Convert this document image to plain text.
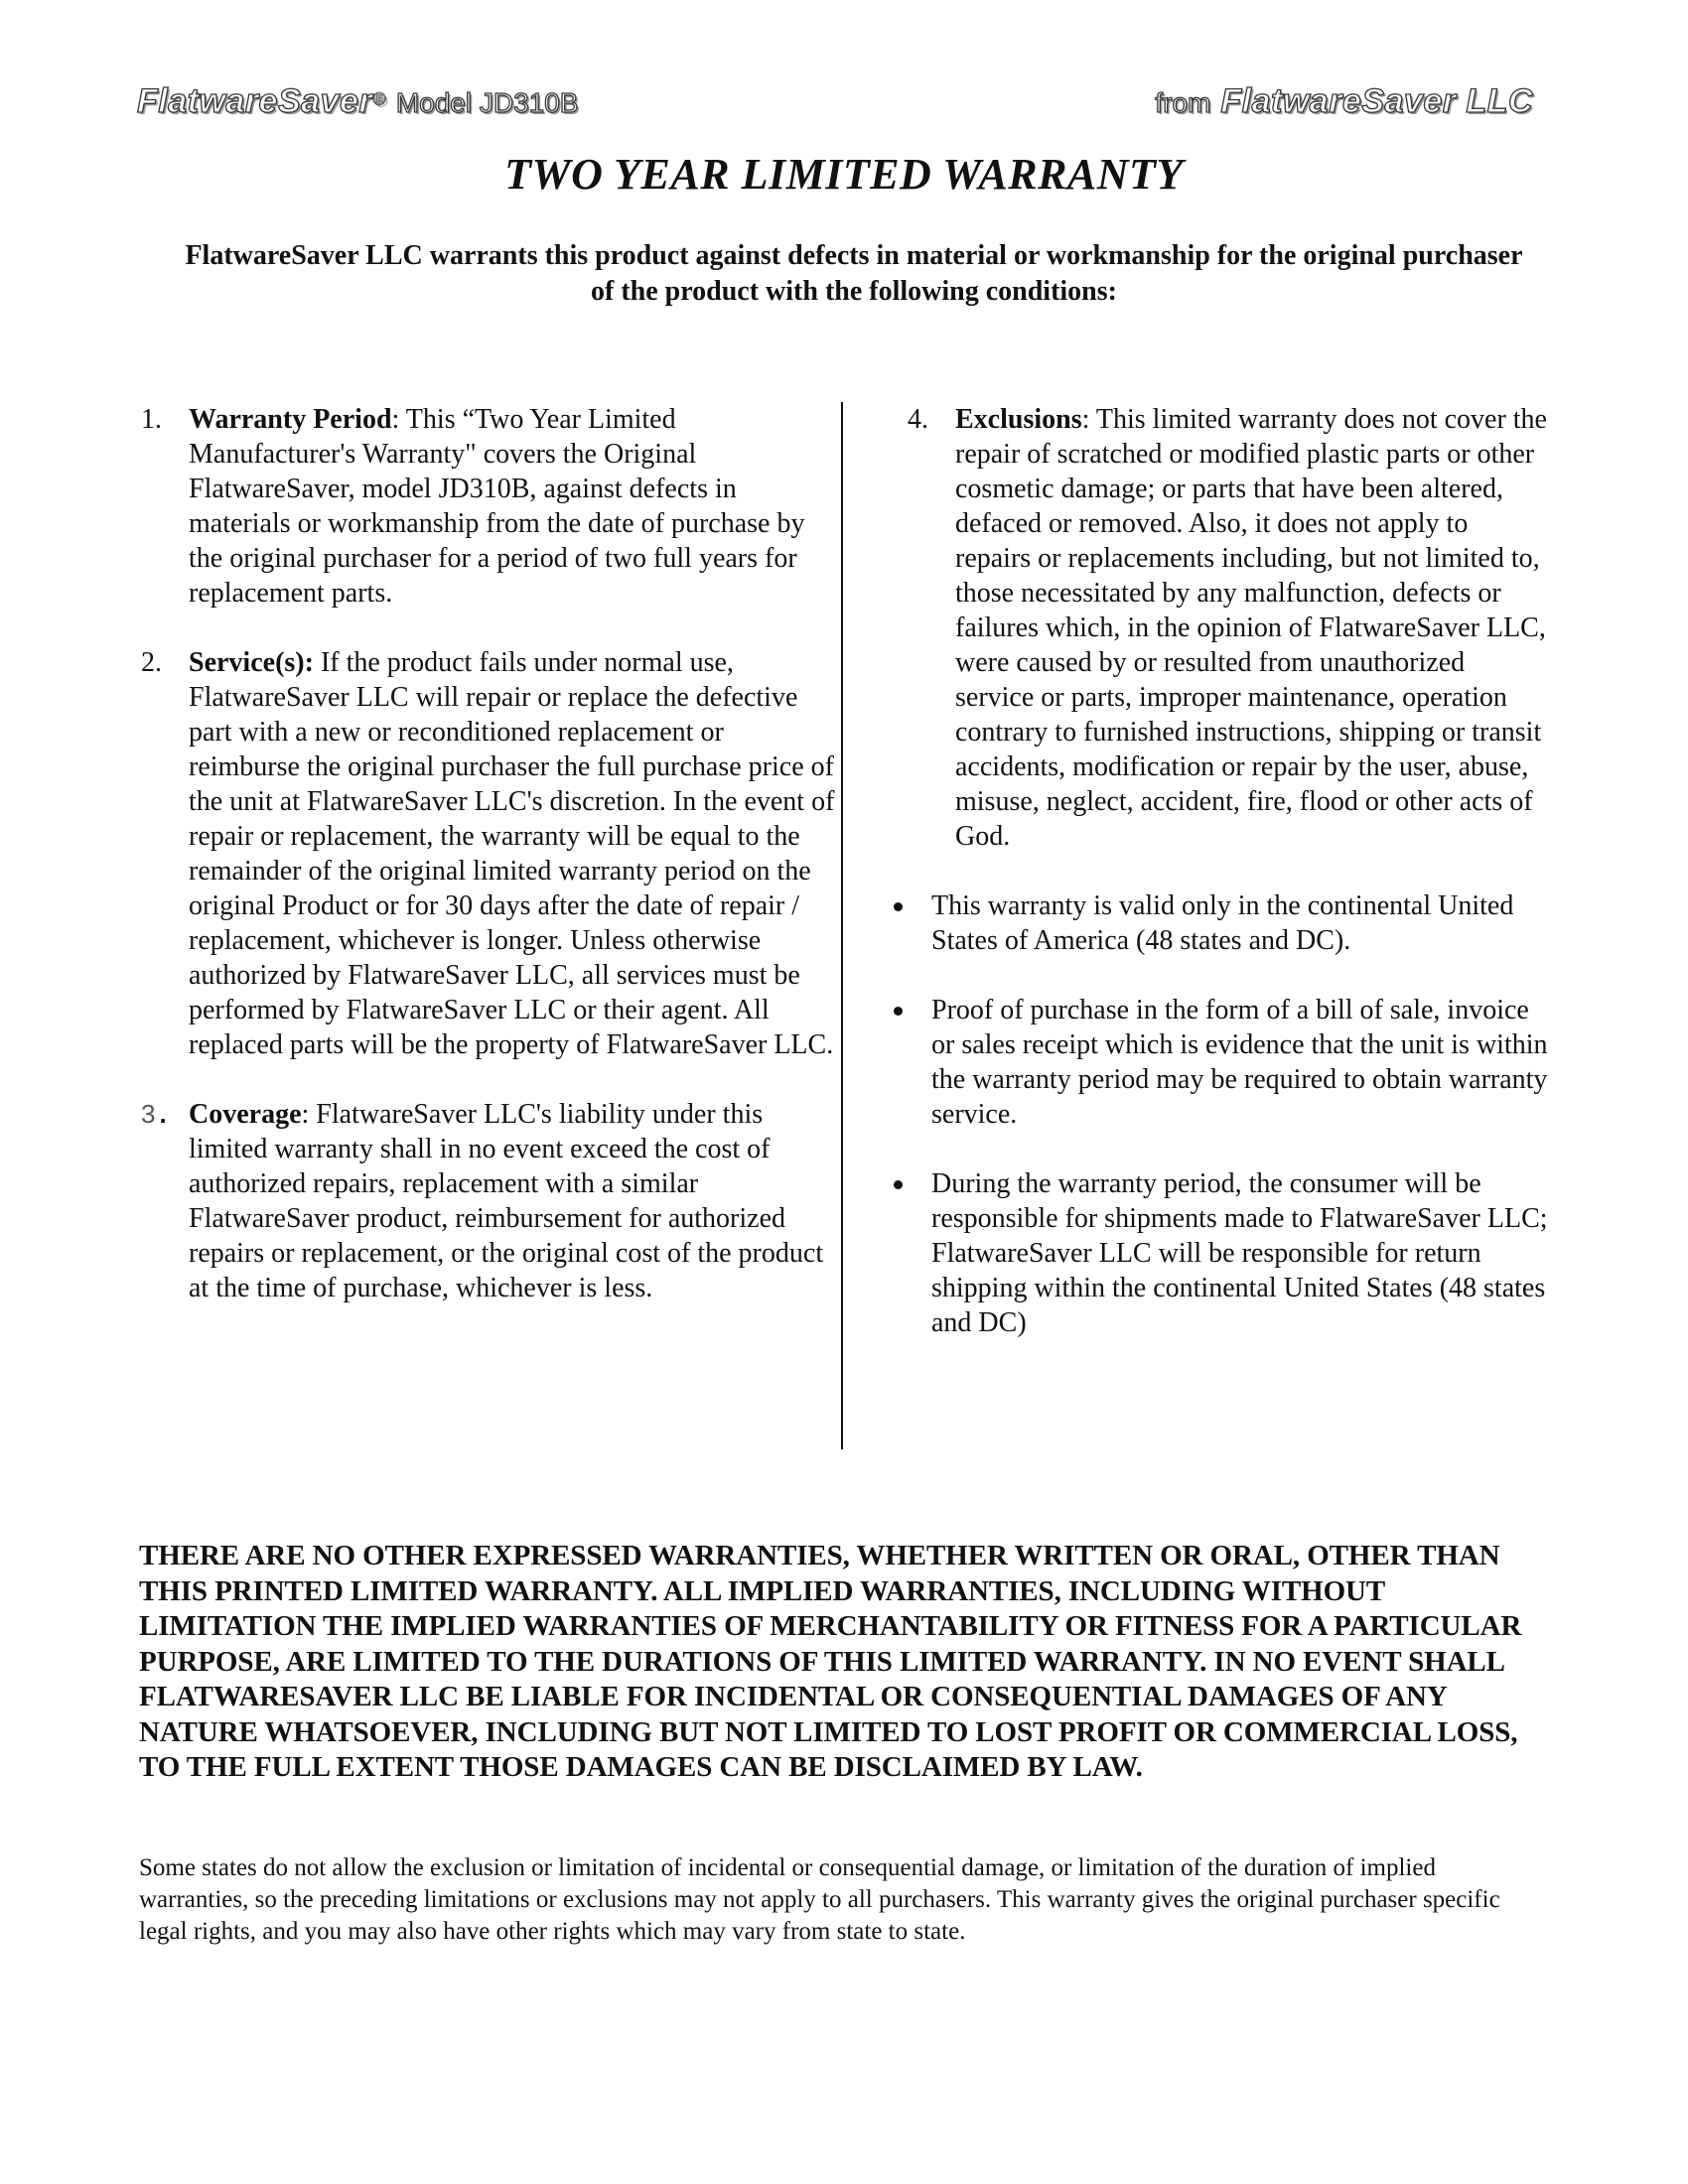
FlatwareSaver® Model JD310B	from FlatwareSaver LLC
TWO YEAR LIMITED WARRANTY
FlatwareSaver LLC warrants this product against defects in material or workmanship for the original purchaser of the product with the following conditions:
1. Warranty Period: This “Two Year Limited Manufacturer's Warranty" covers the Original FlatwareSaver, model JD310B, against defects in materials or workmanship from the date of purchase by the original purchaser for a period of two full years for replacement parts.
2. Service(s): If the product fails under normal use, FlatwareSaver LLC will repair or replace the defective part with a new or reconditioned replacement or reimburse the original purchaser the full purchase price of the unit at FlatwareSaver LLC's discretion. In the event of repair or replacement, the warranty will be equal to the remainder of the original limited warranty period on the original Product or for 30 days after the date of repair / replacement, whichever is longer. Unless otherwise authorized by FlatwareSaver LLC, all services must be performed by FlatwareSaver LLC or their agent. All replaced parts will be the property of FlatwareSaver LLC.
3. Coverage: FlatwareSaver LLC's liability under this limited warranty shall in no event exceed the cost of authorized repairs, replacement with a similar FlatwareSaver product, reimbursement for authorized repairs or replacement, or the original cost of the product at the time of purchase, whichever is less.
4. Exclusions: This limited warranty does not cover the repair of scratched or modified plastic parts or other cosmetic damage; or parts that have been altered, defaced or removed. Also, it does not apply to repairs or replacements including, but not limited to, those necessitated by any malfunction, defects or failures which, in the opinion of FlatwareSaver LLC, were caused by or resulted from unauthorized service or parts, improper maintenance, operation contrary to furnished instructions, shipping or transit accidents, modification or repair by the user, abuse, misuse, neglect, accident, fire, flood or other acts of God.
This warranty is valid only in the continental United States of America (48 states and DC).
Proof of purchase in the form of a bill of sale, invoice or sales receipt which is evidence that the unit is within the warranty period may be required to obtain warranty service.
During the warranty period, the consumer will be responsible for shipments made to FlatwareSaver LLC; FlatwareSaver LLC will be responsible for return shipping within the continental United States (48 states and DC)
THERE ARE NO OTHER EXPRESSED WARRANTIES, WHETHER WRITTEN OR ORAL, OTHER THAN THIS PRINTED LIMITED WARRANTY. ALL IMPLIED WARRANTIES, INCLUDING WITHOUT LIMITATION THE IMPLIED WARRANTIES OF MERCHANTABILITY OR FITNESS FOR A PARTICULAR PURPOSE, ARE LIMITED TO THE DURATIONS OF THIS LIMITED WARRANTY. IN NO EVENT SHALL FLATWARESAVER LLC BE LIABLE FOR INCIDENTAL OR CONSEQUENTIAL DAMAGES OF ANY NATURE WHATSOEVER, INCLUDING BUT NOT LIMITED TO LOST PROFIT OR COMMERCIAL LOSS, TO THE FULL EXTENT THOSE DAMAGES CAN BE DISCLAIMED BY LAW.
Some states do not allow the exclusion or limitation of incidental or consequential damage, or limitation of the duration of implied warranties, so the preceding limitations or exclusions may not apply to all purchasers. This warranty gives the original purchaser specific legal rights, and you may also have other rights which may vary from state to state.
